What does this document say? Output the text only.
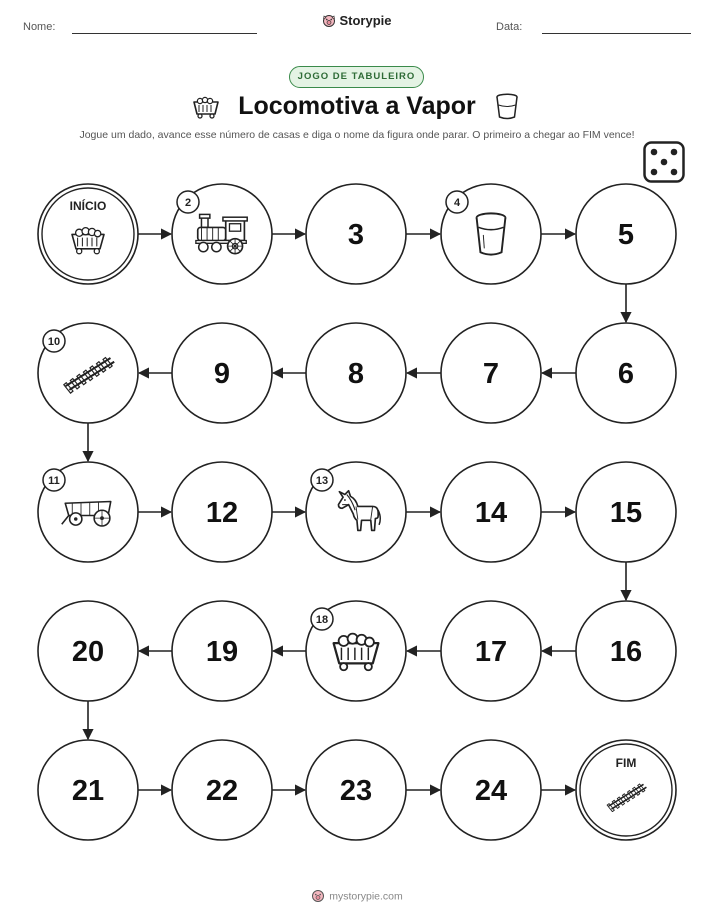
Nome:	Storypie	Data:
JOGO DE TABULEIRO
Locomotiva a Vapor
Jogue um dado, avance esse número de casas e diga o nome da figura onde parar. O primeiro a chegar ao FIM vence!
INÍCIO	2
3
4
5
6
7
8
9
10
11
12
13
14	15
16
17
18
19
20
21	22	23	24
FIM
mystorypie.com
